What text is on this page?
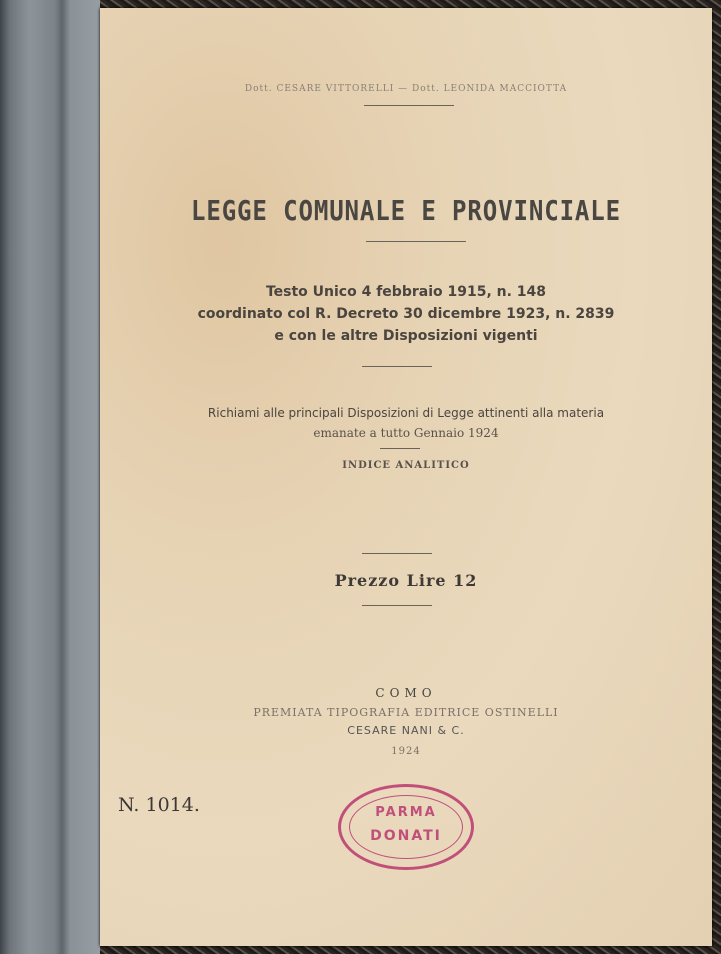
Dott. CESARE VITTORELLI — Dott. LEONIDA MACCIOTTA
LEGGE COMUNALE E PROVINCIALE
Testo Unico 4 febbraio 1915, n. 148
coordinato col R. Decreto 30 dicembre 1923, n. 2839
e con le altre Disposizioni vigenti
Richiami alle principali Disposizioni di Legge attinenti alla materia
emanate a tutto Gennaio 1924
INDICE ANALITICO
Prezzo Lire 12
COMO
PREMIATA TIPOGRAFIA EDITRICE OSTINELLI
CESARE NANI & C.
1924
PARMA
DONATI
N. 1014.
